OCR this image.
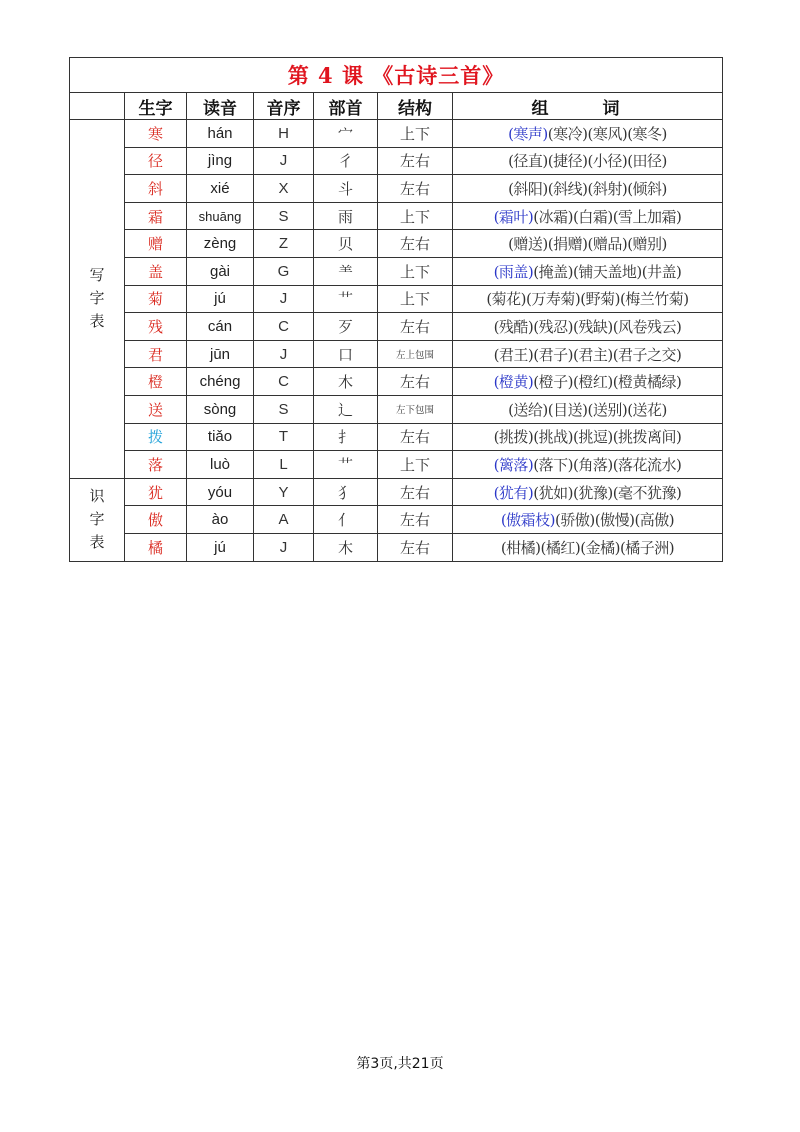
第 4 课 《古诗三首》						
	生字	读音	音序	部首	结构	组 词

写
字
表	寒	hán	H	宀	上下	(寒声)(寒冷)(寒风)(寒冬)
	径	jìng	J	彳	左右	(径直)(捷径)(小径)(田径)
	斜	xié	X	斗	左右	(斜阳)(斜线)(斜射)(倾斜)
	霜	shuāng	S	雨	上下	(霜叶)(冰霜)(白霜)(雪上加霜)
	赠	zèng	Z	贝	左右	(赠送)(捐赠)(赠品)(赠别)
	盖	gài	G	⺷	上下	(雨盖)(掩盖)(铺天盖地)(井盖)
	菊	jú	J	艹	上下	(菊花)(万寿菊)(野菊)(梅兰竹菊)
	残	cán	C	歹	左右	(残酷)(残忍)(残缺)(风卷残云)
	君	jūn	J	口	左上包围	(君王)(君子)(君主)(君子之交)
	橙	chéng	C	木	左右	(橙黄)(橙子)(橙红)(橙黄橘绿)
	送	sòng	S	辶	左下包围	(送给)(目送)(送别)(送花)
	拨	tiǎo	T	扌	左右	(挑拨)(挑战)(挑逗)(挑拨离间)
	落	luò	L	艹	上下	(篱落)(落下)(角落)(落花流水)

识
字
表	犹	yóu	Y	犭	左右	(犹有)(犹如)(犹豫)(毫不犹豫)
	傲	ào	A	亻	左右	(傲霜枝)(骄傲)(傲慢)(高傲)
	橘	jú	J	木	左右	(柑橘)(橘红)(金橘)(橘子洲)
第3页,共21页
